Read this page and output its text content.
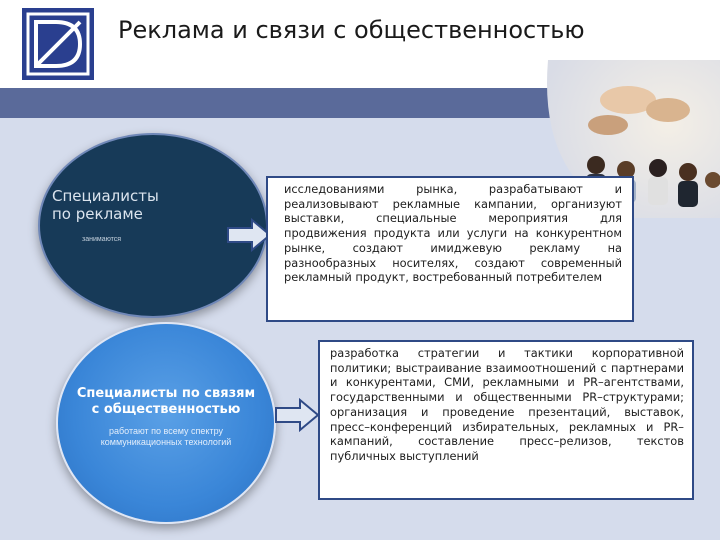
Реклама и связи с общественностью
Специалисты
по рекламе
занимаются
исследованиями рынка, разрабатывают и реализовывают рекламные кампании, организуют выставки, специальные мероприятия для продвижения продукта или услуги на конкурентном рынке, создают имиджевую рекламу на разнообразных носителях, создают современный рекламный продукт, востребованный потребителем
Специалисты по связям
с общественностью
работают по всему спектру
коммуникационных технологий
разработка стратегии и тактики корпоративной политики; выстраивание взаимоотношений с партнерами и конкурентами, СМИ, рекламными и PR–агентствами, государственными и общественными PR–структурами; организация и проведение презентаций, выставок, пресс–конференций избирательных, рекламных и PR–кампаний, составление пресс–релизов, текстов публичных выступлений
